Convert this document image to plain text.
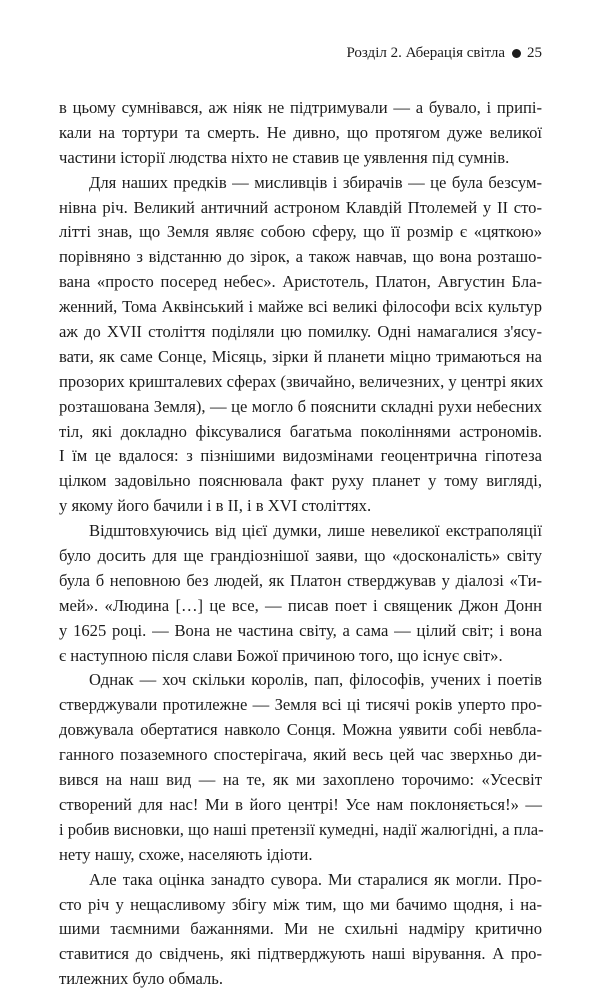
Розділ 2. Аберація світла 25
в цьому сумнівався, аж ніяк не підтримували — а бувало, і припі-
кали на тортури та смерть. Не дивно, що протягом дуже великої
частини історії людства ніхто не ставив це уявлення під сумнів.
Для наших предків — мисливців і збирачів — це була безсум-
нівна річ. Великий античний астроном Клавдій Птолемей у II сто-
літті знав, що Земля являє собою сферу, що її розмір є «цяткою»
порівняно з відстанню до зірок, а також навчав, що вона розташо-
вана «просто посеред небес». Аристотель, Платон, Августин Бла-
женний, Тома Аквінський і майже всі великі філософи всіх культур
аж до XVII століття поділяли цю помилку. Одні намагалися з'ясу-
вати, як саме Сонце, Місяць, зірки й планети міцно тримаються на
прозорих кришталевих сферах (звичайно, величезних, у центрі яких
розташована Земля), — це могло б пояснити складні рухи небесних
тіл, які докладно фіксувалися багатьма поколіннями астрономів.
І їм це вдалося: з пізнішими видозмінами геоцентрична гіпотеза
цілком задовільно пояснювала факт руху планет у тому вигляді,
у якому його бачили і в II, і в XVI століттях.
Відштовхуючись від цієї думки, лише невеликої екстраполяції
було досить для ще грандіознішої заяви, що «досконалість» світу
була б неповною без людей, як Платон стверджував у діалозі «Ти-
мей». «Людина […] це все, — писав поет і священик Джон Донн
у 1625 році. — Вона не частина світу, а сама — цілий світ; і вона
є наступною після слави Божої причиною того, що існує світ».
Однак — хоч скільки королів, пап, філософів, учених і поетів
стверджували протилежне — Земля всі ці тисячі років уперто про-
довжувала обертатися навколо Сонця. Можна уявити собі невбла-
ганного позаземного спостерігача, який весь цей час зверхньо ди-
вився на наш вид — на те, як ми захоплено торочимо: «Усесвіт
створений для нас! Ми в його центрі! Усе нам поклоняється!» —
і робив висновки, що наші претензії кумедні, надії жалюгідні, а пла-
нету нашу, схоже, населяють ідіоти.
Але така оцінка занадто сувора. Ми старалися як могли. Про-
сто річ у нещасливому збігу між тим, що ми бачимо щодня, і на-
шими таємними бажаннями. Ми не схильні надміру критично
ставитися до свідчень, які підтверджують наші вірування. А про-
тилежних було обмаль.
